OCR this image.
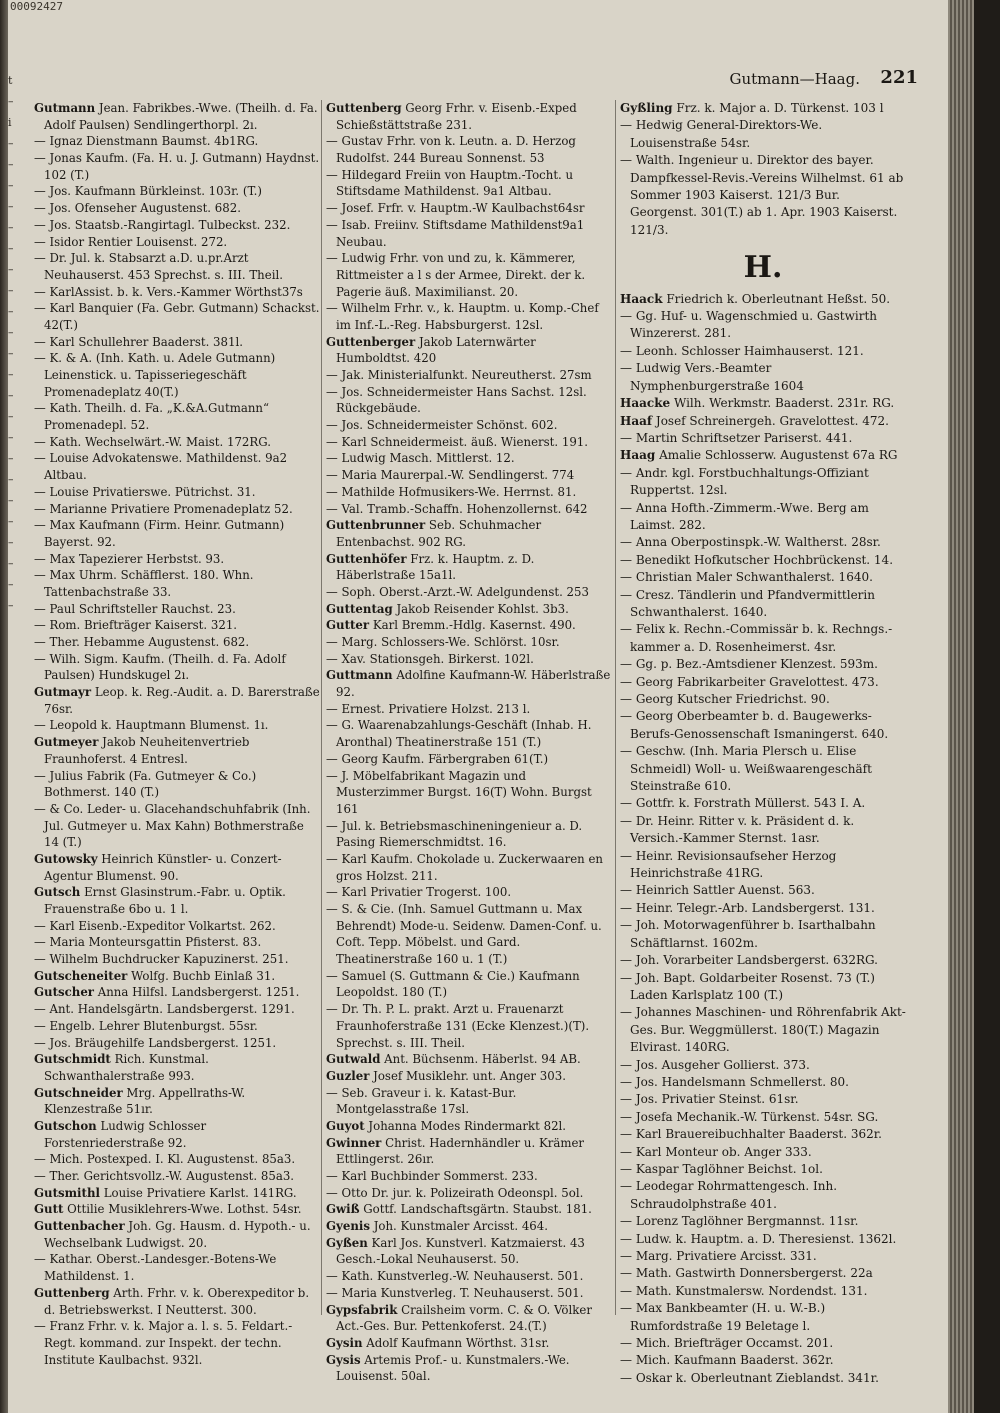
00092427
t
–
i
–
–
–
–
–
–
–
–
–
–
–
–
–
–
–
–
–
–
–
–
–
–
–
Gutmann—Haag. 221

Gutmann Jean. Fabrikbes.-Wwe. (Theilh. d. Fa. Adolf Paulsen) Sendlingerthorpl. 2ı.

— Ignaz Dienstmann Baumst. 4b1RG.

— Jonas Kaufm. (Fa. H. u. J. Gutmann) Haydnst. 102 (T.)

— Jos. Kaufmann Bürkleinst. 103r. (T.)

— Jos. Ofenseher Augustenst. 682.

— Jos. Staatsb.-Rangirtagl. Tulbeckst. 232.

— Isidor Rentier Louisenst. 272.

— Dr. Jul. k. Stabsarzt a.D. u.pr.Arzt Neuhauserst. 453 Sprechst. s. III. Theil.

— KarlAssist. b. k. Vers.-Kammer Wörthst37s

— Karl Banquier (Fa. Gebr. Gutmann) Schackst. 42(T.)

— Karl Schullehrer Baaderst. 381l.

— K. & A. (Inh. Kath. u. Adele Gutmann) Leinenstick. u. Tapisseriegeschäft Promenadeplatz 40(T.)

— Kath. Theilh. d. Fa. „K.&A.Gutmann“ Promenadepl. 52.

— Kath. Wechselwärt.-W. Maist. 172RG.

— Louise Advokatenswe. Mathildenst. 9a2 Altbau.

— Louise Privatierswe. Pütrichst. 31.

— Marianne Privatiere Promenadeplatz 52.

— Max Kaufmann (Firm. Heinr. Gutmann) Bayerst. 92.

— Max Tapezierer Herbstst. 93.

— Max Uhrm. Schäfflerst. 180. Whn. Tattenbachstraße 33.

— Paul Schriftsteller Rauchst. 23.

— Rom. Briefträger Kaiserst. 321.

— Ther. Hebamme Augustenst. 682.

— Wilh. Sigm. Kaufm. (Theilh. d. Fa. Adolf Paulsen) Hundskugel 2ı.

Gutmayr Leop. k. Reg.-Audit. a. D. Barerstraße 76sr.

— Leopold k. Hauptmann Blumenst. 1ı.

Gutmeyer Jakob Neuheitenvertrieb Fraunhoferst. 4 Entresl.

— Julius Fabrik (Fa. Gutmeyer & Co.) Bothmerst. 140 (T.)

— & Co. Leder- u. Glacehandschuhfabrik (Inh. Jul. Gutmeyer u. Max Kahn) Bothmerstraße 14 (T.)

Gutowsky Heinrich Künstler- u. Conzert-Agentur Blumenst. 90.

Gutsch Ernst Glasinstrum.-Fabr. u. Optik. Frauenstraße 6bo u. 1 l.

— Karl Eisenb.-Expeditor Volkartst. 262.

— Maria Monteursgattin Pfisterst. 83.

— Wilhelm Buchdrucker Kapuzinerst. 251.

Gutscheneiter Wolfg. Buchb Einlaß 31.

Gutscher Anna Hilfsl. Landsbergerst. 1251.

— Ant. Handelsgärtn. Landsbergerst. 1291.

— Engelb. Lehrer Blutenburgst. 55sr.

— Jos. Bräugehilfe Landsbergerst. 1251.

Gutschmidt Rich. Kunstmal. Schwanthalerstraße 993.

Gutschneider Mrg. Appellraths-W. Klenzestraße 51ır.

Gutschon Ludwig Schlosser Forstenriederstraße 92.

— Mich. Postexped. I. Kl. Augustenst. 85a3.

— Ther. Gerichtsvollz.-W. Augustenst. 85a3.

Gutsmithl Louise Privatiere Karlst. 141RG.

Gutt Ottilie Musiklehrers-Wwe. Lothst. 54sr.

Guttenbacher Joh. Gg. Hausm. d. Hypoth.- u. Wechselbank Ludwigst. 20.

— Kathar. Oberst.-Landesger.-Botens-We Mathildenst. 1.

Guttenberg Arth. Frhr. v. k. Oberexpeditor b. d. Betriebswerkst. I Neutterst. 300.

— Franz Frhr. v. k. Major a. l. s. 5. Feldart.-Regt. kommand. zur Inspekt. der techn. Institute Kaulbachst. 932l.

Guttenberg Georg Frhr. v. Eisenb.-Exped Schießstättstraße 231.

— Gustav Frhr. von k. Leutn. a. D. Herzog Rudolfst. 244 Bureau Sonnenst. 53

— Hildegard Freiin von Hauptm.-Tocht. u Stiftsdame Mathildenst. 9a1 Altbau.

— Josef. Frfr. v. Hauptm.-W Kaulbachst64sr

— Isab. Freiinv. Stiftsdame Mathildenst9a1 Neubau.

— Ludwig Frhr. von und zu, k. Kämmerer, Rittmeister a l s der Armee, Direkt. der k. Pagerie äuß. Maximilianst. 20.

— Wilhelm Frhr. v., k. Hauptm. u. Komp.-Chef im Inf.-L.-Reg. Habsburgerst. 12sl.

Guttenberger Jakob Laternwärter Humboldtst. 420

— Jak. Ministerialfunkt. Neureutherst. 27sm

— Jos. Schneidermeister Hans Sachst. 12sl. Rückgebäude.

— Jos. Schneidermeister Schönst. 602.

— Karl Schneidermeist. äuß. Wienerst. 191.

— Ludwig Masch. Mittlerst. 12.

— Maria Maurerpal.-W. Sendlingerst. 774

— Mathilde Hofmusikers-We. Herrnst. 81.

— Val. Tramb.-Schaffn. Hohenzollernst. 642

Guttenbrunner Seb. Schuhmacher Entenbachst. 902 RG.

Guttenhöfer Frz. k. Hauptm. z. D. Häberlstraße 15a1l.

— Soph. Oberst.-Arzt.-W. Adelgundenst. 253

Guttentag Jakob Reisender Kohlst. 3b3.

Gutter Karl Bremm.-Hdlg. Kasernst. 490.

— Marg. Schlossers-We. Schlörst. 10sr.

— Xav. Stationsgeh. Birkerst. 102l.

Guttmann Adolfine Kaufmann-W. Häberlstraße 92.

— Ernest. Privatiere Holzst. 213 l.

— G. Waarenabzahlungs-Geschäft (Inhab. H. Aronthal) Theatinerstraße 151 (T.)

— Georg Kaufm. Färbergraben 61(T.)

— J. Möbelfabrikant Magazin und Musterzimmer Burgst. 16(T) Wohn. Burgst 161

— Jul. k. Betriebsmaschineningenieur a. D. Pasing Riemerschmidtst. 16.

— Karl Kaufm. Chokolade u. Zuckerwaaren en gros Holzst. 211.

— Karl Privatier Trogerst. 100.

— S. & Cie. (Inh. Samuel Guttmann u. Max Behrendt) Mode-u. Seidenw. Damen-Conf. u. Coft. Tepp. Möbelst. und Gard. Theatinerstraße 160 u. 1 (T.)

— Samuel (S. Guttmann & Cie.) Kaufmann Leopoldst. 180 (T.)

— Dr. Th. P. L. prakt. Arzt u. Frauenarzt Fraunhoferstraße 131 (Ecke Klenzest.)(T). Sprechst. s. III. Theil.

Gutwald Ant. Büchsenm. Häberlst. 94 AB.

Guzler Josef Musiklehr. unt. Anger 303.

— Seb. Graveur i. k. Katast-Bur. Montgelasstraße 17sl.

Guyot Johanna Modes Rindermarkt 82l.

Gwinner Christ. Hadernhändler u. Krämer Ettlingerst. 26ır.

— Karl Buchbinder Sommerst. 233.

— Otto Dr. jur. k. Polizeirath Odeonspl. 5ol.

Gwiß Gottf. Landschaftsgärtn. Staubst. 181.

Gyenis Joh. Kunstmaler Arcisst. 464.

Gyßen Karl Jos. Kunstverl. Katzmaierst. 43 Gesch.-Lokal Neuhauserst. 50.

— Kath. Kunstverleg.-W. Neuhauserst. 501.

— Maria Kunstverleg. T. Neuhauserst. 501.

Gypsfabrik Crailsheim vorm. C. & O. Völker Act.-Ges. Bur. Pettenkoferst. 24.(T.)

Gysin Adolf Kaufmann Wörthst. 31sr.

Gysis Artemis Prof.- u. Kunstmalers.-We. Louisenst. 50al.

Gyßling Frz. k. Major a. D. Türkenst. 103 l

— Hedwig General-Direktors-We. Louisenstraße 54sr.

— Walth. Ingenieur u. Direktor des bayer. Dampfkessel-Revis.-Vereins Wilhelmst. 61 ab Sommer 1903 Kaiserst. 121/3 Bur. Georgenst. 301(T.) ab 1. Apr. 1903 Kaiserst. 121/3.

H.

Haack Friedrich k. Oberleutnant Heßst. 50.

— Gg. Huf- u. Wagenschmied u. Gastwirth Winzererst. 281.

— Leonh. Schlosser Haimhauserst. 121.

— Ludwig Vers.-Beamter Nymphenburgerstraße 1604

Haacke Wilh. Werkmstr. Baaderst. 231r. RG.

Haaf Josef Schreinergeh. Gravelottest. 472.

— Martin Schriftsetzer Pariserst. 441.

Haag Amalie Schlosserw. Augustenst 67a RG

— Andr. kgl. Forstbuchhaltungs-Offiziant Ruppertst. 12sl.

— Anna Hofth.-Zimmerm.-Wwe. Berg am Laimst. 282.

— Anna Oberpostinspk.-W. Waltherst. 28sr.

— Benedikt Hofkutscher Hochbrückenst. 14.

— Christian Maler Schwanthalerst. 1640.

— Cresz. Tändlerin und Pfandvermittlerin Schwanthalerst. 1640.

— Felix k. Rechn.-Commissär b. k. Rechngs.-kammer a. D. Rosenheimerst. 4sr.

— Gg. p. Bez.-Amtsdiener Klenzest. 593m.

— Georg Fabrikarbeiter Gravelottest. 473.

— Georg Kutscher Friedrichst. 90.

— Georg Oberbeamter b. d. Baugewerks-Berufs-Genossenschaft Ismaningerst. 640.

— Geschw. (Inh. Maria Plersch u. Elise Schmeidl) Woll- u. Weißwaarengeschäft Steinstraße 610.

— Gottfr. k. Forstrath Müllerst. 543 I. A.

— Dr. Heinr. Ritter v. k. Präsident d. k. Versich.-Kammer Sternst. 1asr.

— Heinr. Revisionsaufseher Herzog Heinrichstraße 41RG.

— Heinrich Sattler Auenst. 563.

— Heinr. Telegr.-Arb. Landsbergerst. 131.

— Joh. Motorwagenführer b. Isarthalbahn Schäftlarnst. 1602m.

— Joh. Vorarbeiter Landsbergerst. 632RG.

— Joh. Bapt. Goldarbeiter Rosenst. 73 (T.) Laden Karlsplatz 100 (T.)

— Johannes Maschinen- und Röhrenfabrik Akt-Ges. Bur. Weggmüllerst. 180(T.) Magazin Elvirast. 140RG.

— Jos. Ausgeher Gollierst. 373.

— Jos. Handelsmann Schmellerst. 80.

— Jos. Privatier Steinst. 61sr.

— Josefa Mechanik.-W. Türkenst. 54sr. SG.

— Karl Brauereibuchhalter Baaderst. 362r.

— Karl Monteur ob. Anger 333.

— Kaspar Taglöhner Beichst. 1ol.

— Leodegar Rohrmattengesch. Inh. Schraudolphstraße 401.

— Lorenz Taglöhner Bergmannst. 11sr.

— Ludw. k. Hauptm. a. D. Theresienst. 1362l.

— Marg. Privatiere Arcisst. 331.

— Math. Gastwirth Donnersbergerst. 22a

— Math. Kunstmalersw. Nordendst. 131.

— Max Bankbeamter (H. u. W.-B.) Rumfordstraße 19 Beletage l.

— Mich. Briefträger Occamst. 201.

— Mich. Kaufmann Baaderst. 362r.

— Oskar k. Oberleutnant Zieblandst. 341r.
